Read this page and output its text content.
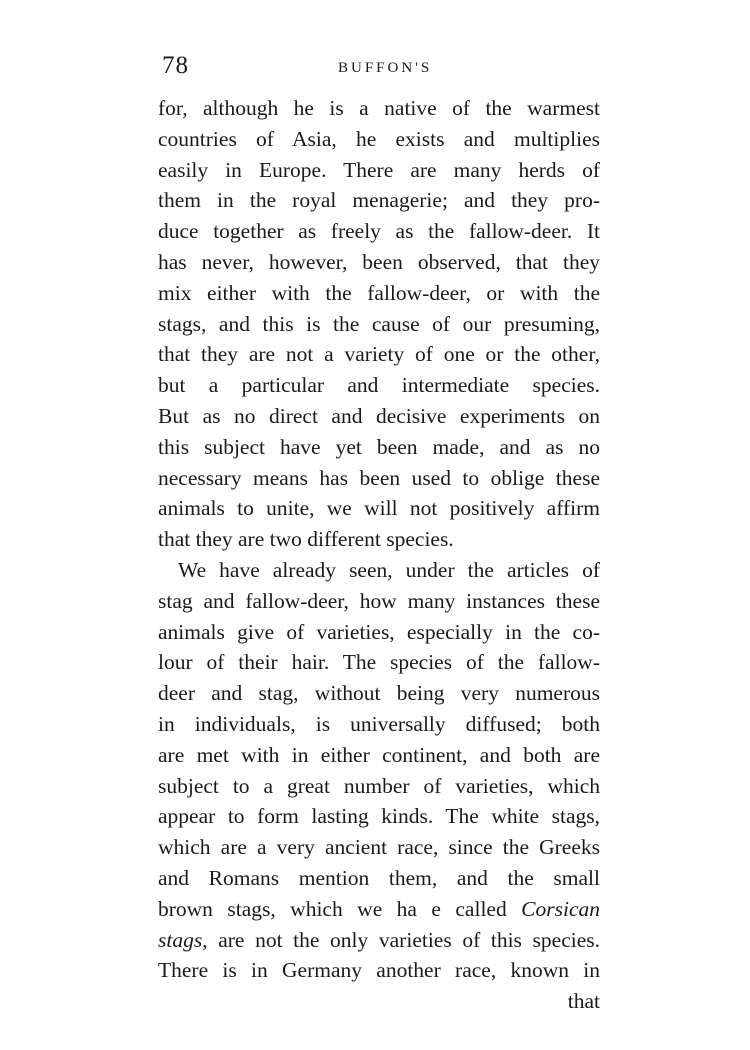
78	BUFFON'S
for, although he is a native of the warmest
countries of Asia, he exists and multiplies
easily in Europe. There are many herds of
them in the royal menagerie; and they pro-
duce together as freely as the fallow-deer. It
has never, however, been observed, that they
mix either with the fallow-deer, or with the
stags, and this is the cause of our presuming,
that they are not a variety of one or the other,
but a particular and intermediate species.
But as no direct and decisive experiments on
this subject have yet been made, and as no
necessary means has been used to oblige these
animals to unite, we will not positively affirm
that they are two different species.
We have already seen, under the articles of
stag and fallow-deer, how many instances these
animals give of varieties, especially in the co-
lour of their hair. The species of the fallow-
deer and stag, without being very numerous
in individuals, is universally diffused; both
are met with in either continent, and both are
subject to a great number of varieties, which
appear to form lasting kinds. The white stags,
which are a very ancient race, since the Greeks
and Romans mention them, and the small
brown stags, which we ha e called Corsican
stags, are not the only varieties of this species.
There is in Germany another race, known in
that
